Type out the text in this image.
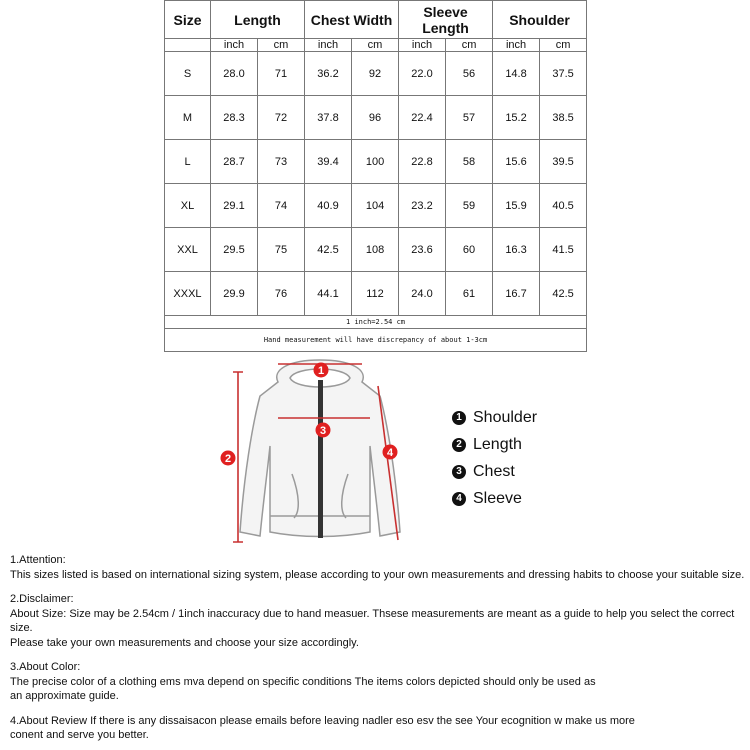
Size	Length		Chest Width		Sleeve Length		Shoulder	
	inch	cm	inch	cm	inch	cm	inch	cm
S	28.0	71	36.2	92	22.0	56	14.8	37.5
M	28.3	72	37.8	96	22.4	57	15.2	38.5
L	28.7	73	39.4	100	22.8	58	15.6	39.5
XL	29.1	74	40.9	104	23.2	59	15.9	40.5
XXL	29.5	75	42.5	108	23.6	60	16.3	41.5
XXXL	29.9	76	44.1	112	24.0	61	16.7	42.5
1 inch=2.54 cm								
Hand measurement will have discrepancy of about 1-3cm								
1
2
3
4
1 Shoulder
2 Length
3 Chest
4 Sleeve

1.Attention:

This sizes listed is based on international sizing system, please according to your own measurements and dressing habits to choose your suitable size.

2.Disclaimer:

About Size: Size may be 2.54cm / 1inch inaccuracy due to hand measuer. Thsese measurements are meant as a guide to help you select the correct size.

Please take your own measurements and choose your size accordingly.

3.About Color:

The precise color of a clothing ems mva depend on specific conditions The items colors depicted should only be used as

an approximate guide.

4.About Review If there is any dissaisacon please emails before leaving nadler eso esv the see Your ecognition w make us more

conent and serve you better.
